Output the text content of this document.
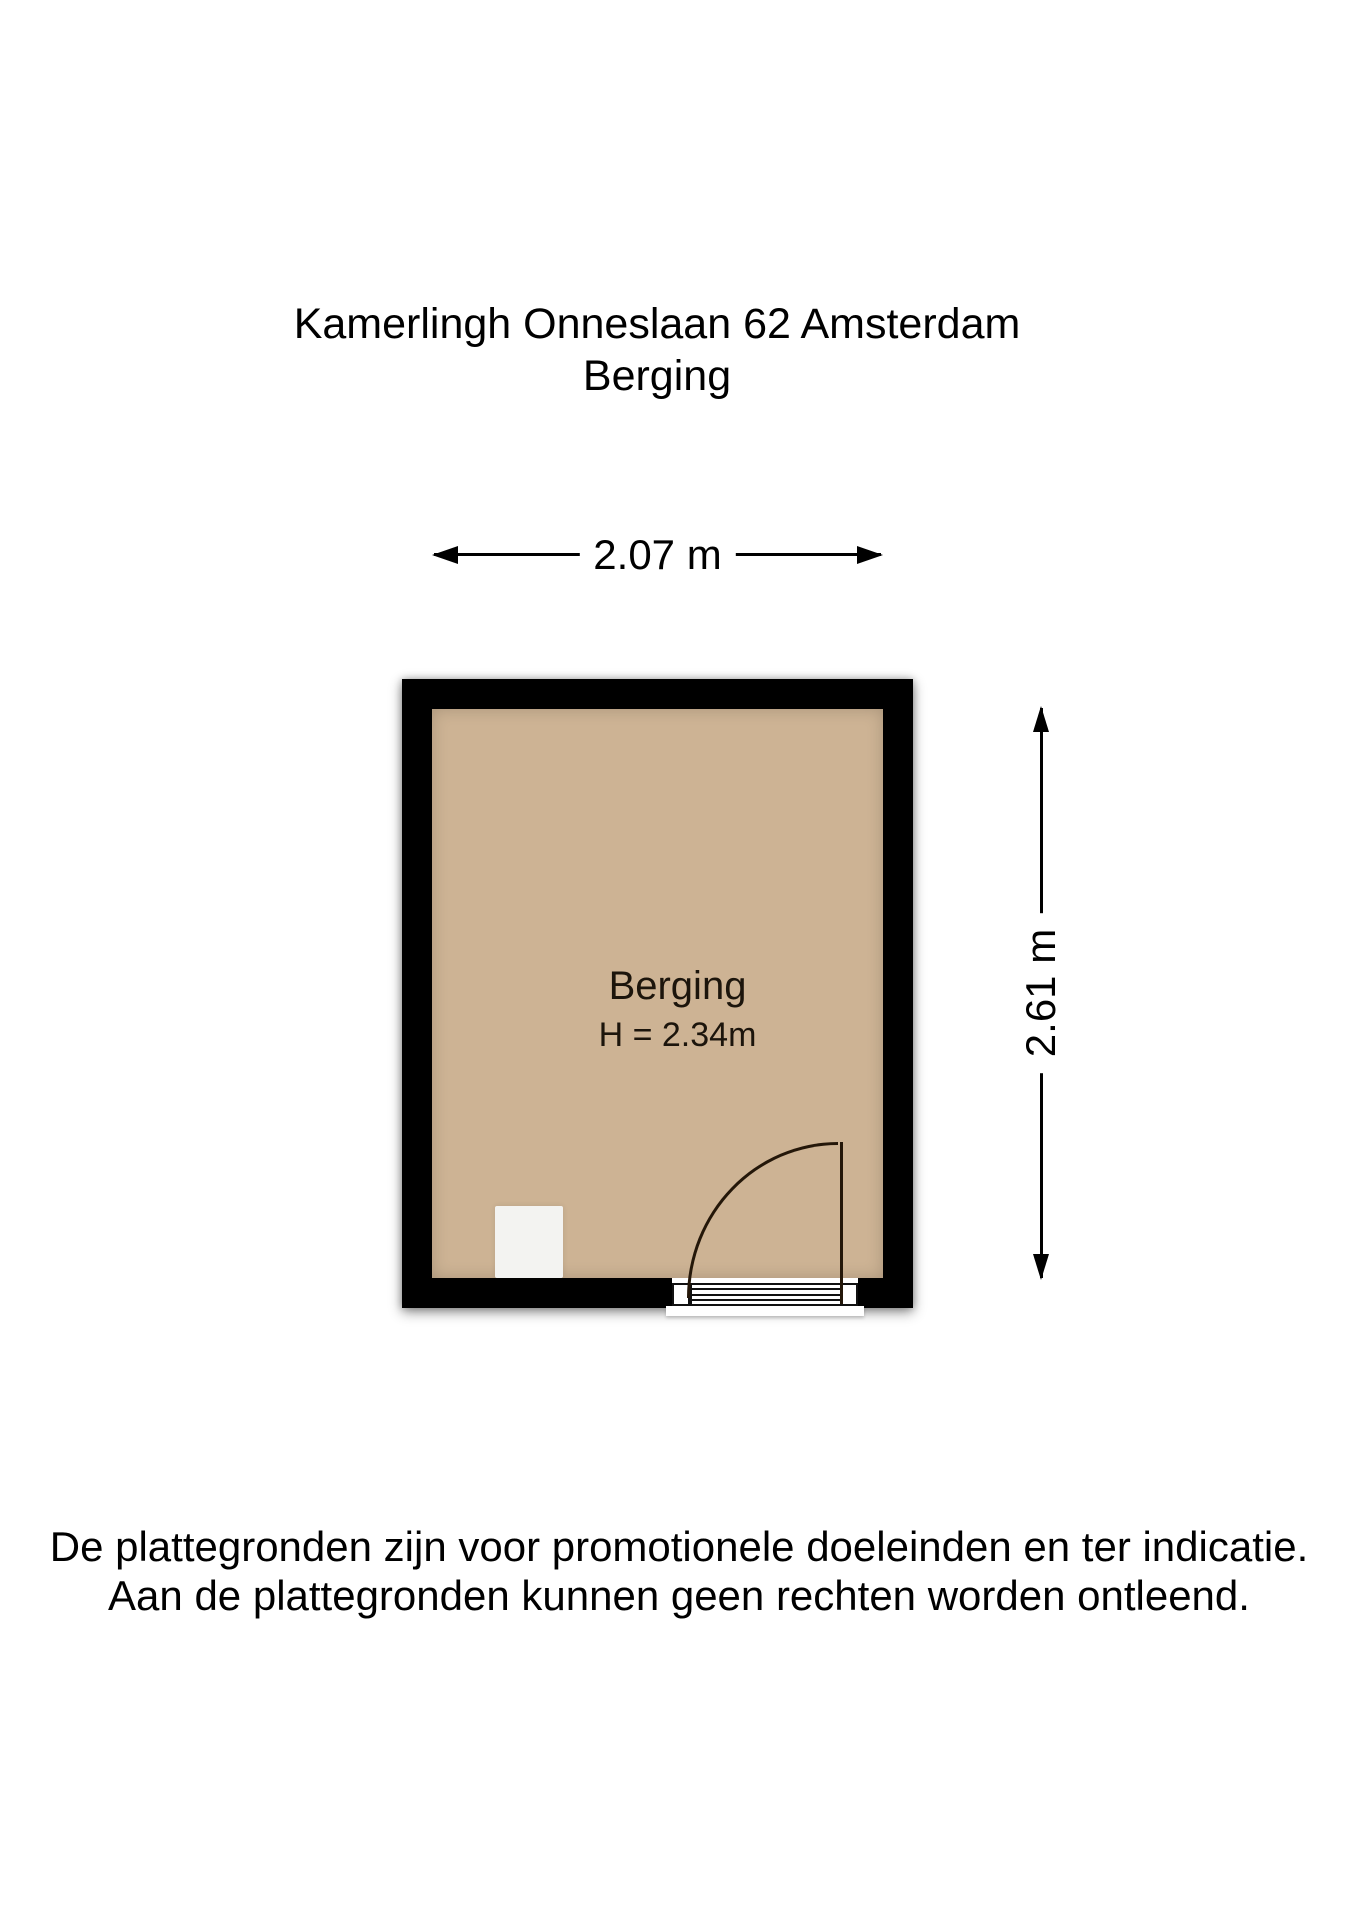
Kamerlingh Onneslaan 62 Amsterdam
Berging
2.07 m
Berging
H = 2.34m	2.61 m
De plattegronden zijn voor promotionele doeleinden en ter indicatie.
Aan de plattegronden kunnen geen rechten worden ontleend.
